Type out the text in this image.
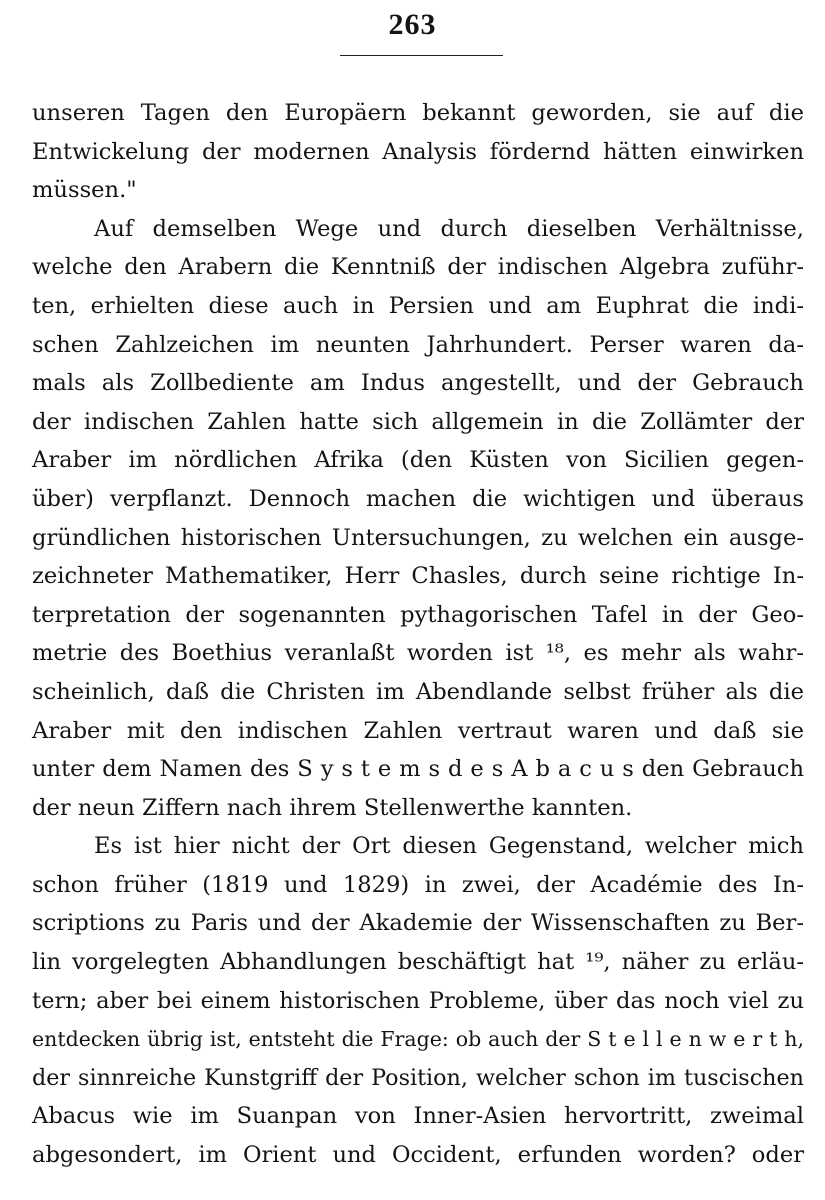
263
unseren Tagen den Europäern bekannt geworden, sie auf die
Entwickelung der modernen Analysis fördernd hätten einwirken
müssen."
Auf demselben Wege und durch dieselben Verhältnisse,
welche den Arabern die Kenntniß der indischen Algebra zuführ-
ten, erhielten diese auch in Persien und am Euphrat die indi-
schen Zahlzeichen im neunten Jahrhundert. Perser waren da-
mals als Zollbediente am Indus angestellt, und der Gebrauch
der indischen Zahlen hatte sich allgemein in die Zollämter der
Araber im nördlichen Afrika (den Küsten von Sicilien gegen-
über) verpflanzt. Dennoch machen die wichtigen und überaus
gründlichen historischen Untersuchungen, zu welchen ein ausge-
zeichneter Mathematiker, Herr Chasles, durch seine richtige In-
terpretation der sogenannten pythagorischen Tafel in der Geo-
metrie des Boethius veranlaßt worden ist ¹⁸, es mehr als wahr-
scheinlich, daß die Christen im Abendlande selbst früher als die
Araber mit den indischen Zahlen vertraut waren und daß sie
unter dem Namen des S y s t e m s d e s A b a c u s den Gebrauch
der neun Ziffern nach ihrem Stellenwerthe kannten.
Es ist hier nicht der Ort diesen Gegenstand, welcher mich
schon früher (1819 und 1829) in zwei, der Académie des In-
scriptions zu Paris und der Akademie der Wissenschaften zu Ber-
lin vorgelegten Abhandlungen beschäftigt hat ¹⁹, näher zu erläu-
tern; aber bei einem historischen Probleme, über das noch viel zu
entdecken übrig ist, entsteht die Frage: ob auch der S t e l l e n w e r t h,
der sinnreiche Kunstgriff der Position, welcher schon im tuscischen
Abacus wie im Suanpan von Inner-Asien hervortritt, zweimal
abgesondert, im Orient und Occident, erfunden worden? oder
